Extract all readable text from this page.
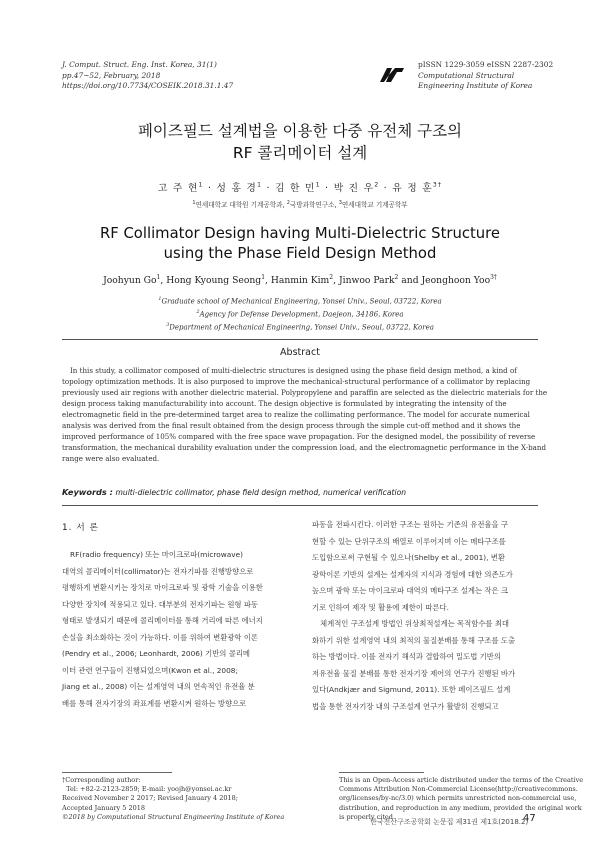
J. Comput. Struct. Eng. Inst. Korea, 31(1)
pp.47~52, February, 2018
https://doi.org/10.7734/COSEIK.2018.31.1.47
pISSN 1229-3059 eISSN 2287-2302
Computational Structural
Engineering Institute of Korea
페이즈필드 설계법을 이용한 다중 유전체 구조의
RF 콜리메이터 설계
고 주 현$^1$ · 성 홍 경$^1$ · 김 한 민$^1$ · 박 진 우$^2$ · 유 정 훈$^{3\dagger}$
$^1$연세대학교 대학원 기계공학과, $^2$국방과학연구소, $^3$연세대학교 기계공학부
RF Collimator Design having Multi-Dielectric Structure
using the Phase Field Design Method
Joohyun Go$^1$, Hong Kyoung Seong$^1$, Hanmin Kim$^2$, Jinwoo Park$^2$ and Jeonghoon Yoo$^{3\dagger}$
$^1$Graduate school of Mechanical Engineering, Yonsei Univ., Seoul, 03722, Korea
$^2$Agency for Defense Development, Daejeon, 34186, Korea
$^3$Department of Mechanical Engineering, Yonsei Univ., Seoul, 03722, Korea
Abstract
In this study, a collimator composed of multi-dielectric structures is designed using the phase field design method, a kind of
topology optimization methods. It is also purposed to improve the mechanical-structural performance of a collimator by replacing
previously used air regions with another dielectric material. Polypropylene and paraffin are selected as the dielectric materials for the
design process taking manufacturability into account. The design objective is formulated by integrating the intensity of the
electromagnetic field in the pre-determined target area to realize the collimating performance. The model for accurate numerical
analysis was derived from the final result obtained from the design process through the simple cut-off method and it shows the
improved performance of 105% compared with the free space wave propagation. For the designed model, the possibility of reverse
transformation, the mechanical durability evaluation under the compression load, and the electromagnetic performance in the X-band
range were also evaluated.
Keywords : multi-dielectric collimator, phase field design method, numerical verification
1. 서 론
RF(radio frequency) 또는 마이크로파(microwave)
대역의 콜리메이터(collimator)는 전자기파를 진행방향으로
평행하게 변환시키는 장치로 마이크로파 및 광학 기술을 이용한
다양한 장치에 적용되고 있다. 대부분의 전자기파는 원형 파동
형태로 발생되기 때문에 콜리메이터를 통해 거리에 따른 에너지
손실을 최소화하는 것이 가능하다. 이를 위하여 변환광학 이론
(Pendry et al., 2006; Leonhardt, 2006) 기반의 콜리메
이터 관련 연구들이 진행되었으며(Kwon et al., 2008;
Jiang et al., 2008) 이는 설계영역 내의 연속적인 유전율 분
배를 통해 전자기장의 좌표계를 변환시켜 원하는 방향으로
파동을 전파시킨다. 이러한 구조는 원하는 기존의 유전율을 구
현할 수 있는 단위구조의 배열로 이루어지며 이는 메타구조를
도입함으로써 구현될 수 있으나(Shelby et al., 2001), 변환
광학이론 기반의 설계는 설계자의 지식과 경험에 대한 의존도가
높으며 광학 또는 마이크로파 대역의 메타구조 설계는 작은 크
기로 인하여 제작 및 활용에 제한이 따른다.
체계적인 구조설계 방법인 위상최적설계는 목적함수를 최대
화하기 위한 설계영역 내의 최적의 물질분배를 통해 구조를 도출
하는 방법이다. 이를 전자기 해석과 결합하여 밀도법 기반의
저유전율 물질 분배를 통한 전자기장 제어의 연구가 진행된 바가
있다(Andkjær and Sigmund, 2011). 또한 페이즈필드 설계
법을 통한 전자기장 내의 구조설계 연구가 활발히 진행되고
†Corresponding author:
Tel: +82-2-2123-2859; E-mail: yoojh@yonsei.ac.kr
Received November 2 2017; Revised January 4 2018;
Accepted January 5 2018
©2018 by Computational Structural Engineering Institute of Korea
This is an Open-Access article distributed under the terms of the Creative
Commons Attribution Non-Commercial License(http://creativecommons.
org/licenses/by-nc/3.0) which permits unrestricted non-commercial use,
distribution, and reproduction in any medium, provided the original work
is properly cited.
한국전산구조공학회 논문집 제31권 제1호(2018.2)
47
